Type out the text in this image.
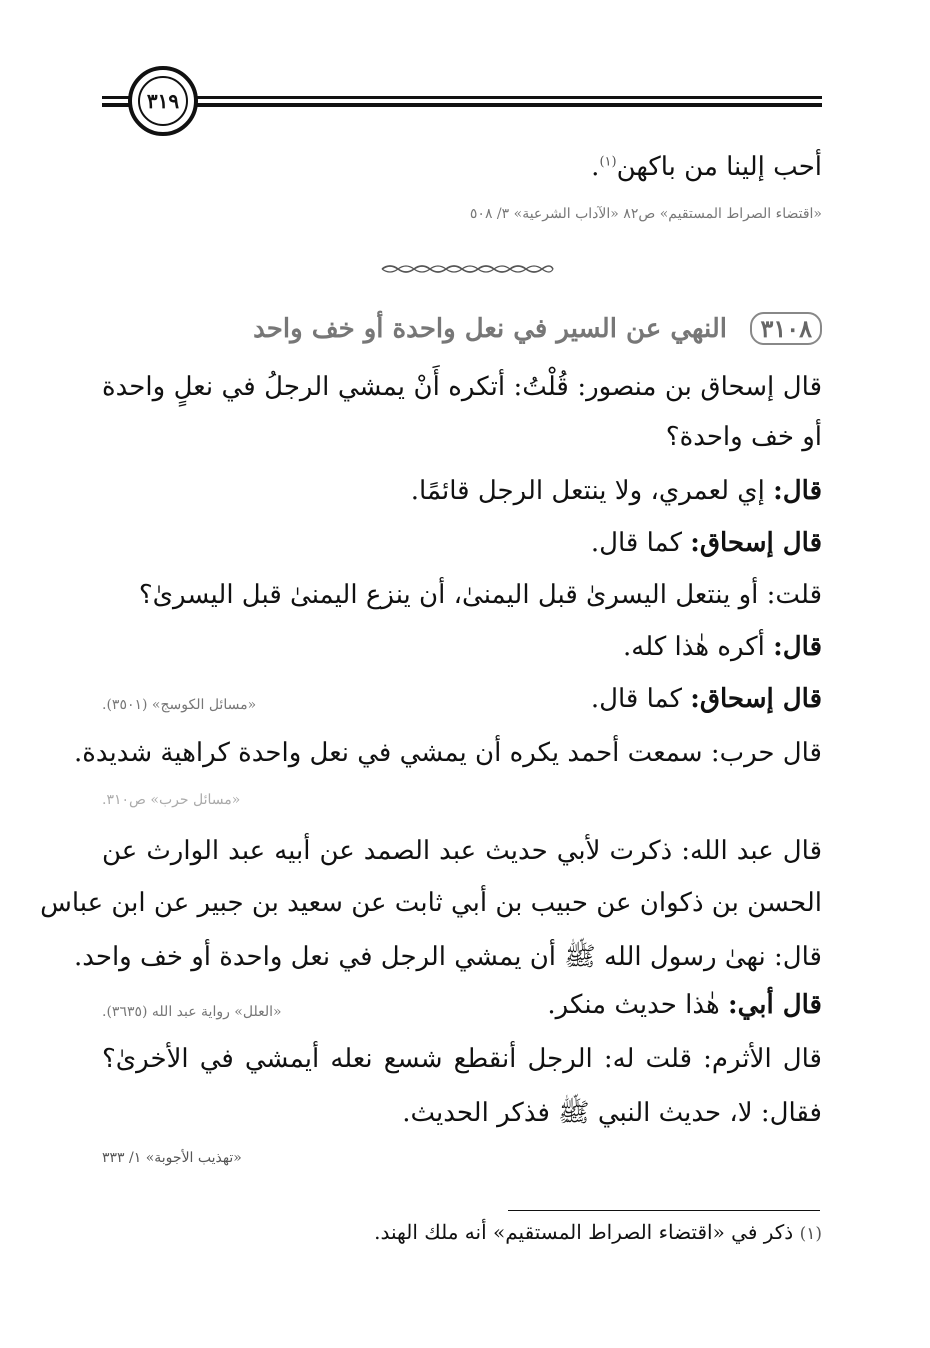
٣١٩
أحب إلينا من باكهن$^{(١)}$.
«اقتضاء الصراط المستقيم» ص٨٢ «الآداب الشرعية» ٣/ ٥٠٨
٣١٠٨
النهي عن السير في نعل واحدة أو خف واحد
قال إسحاق بن منصور: قُلْتُ: أتكره أَنْ يمشي الرجلُ في نعلٍ واحدة
أو خف واحدة؟
قال: إي لعمري، ولا ينتعل الرجل قائمًا.
قال إسحاق: كما قال.
قلت: أو ينتعل اليسرىٰ قبل اليمنىٰ، أن ينزع اليمنىٰ قبل اليسرىٰ؟
قال: أكره هٰذا كله.
قال إسحاق: كما قال.
«مسائل الكوسج» (٣٥٠١).
قال حرب: سمعت أحمد يكره أن يمشي في نعل واحدة كراهية شديدة.
«مسائل حرب» ص٣١٠.
قال عبد الله: ذكرت لأبي حديث عبد الصمد عن أبيه عبد الوارث عن
الحسن بن ذكوان عن حبيب بن أبي ثابت عن سعيد بن جبير عن ابن عباس
قال: نهىٰ رسول الله ﷺ أن يمشي الرجل في نعل واحدة أو خف واحد.
قال أبي: هٰذا حديث منكر.
«العلل» رواية عبد الله (٣٦٣٥).
قال الأثرم: قلت له: الرجل أنقطع شسع نعله أيمشي في الأخرىٰ؟
فقال: لا، حديث النبي ﷺ فذكر الحديث.
«تهذيب الأجوبة» ١/ ٣٣٣
(١) ذكر في «اقتضاء الصراط المستقيم» أنه ملك الهند.
